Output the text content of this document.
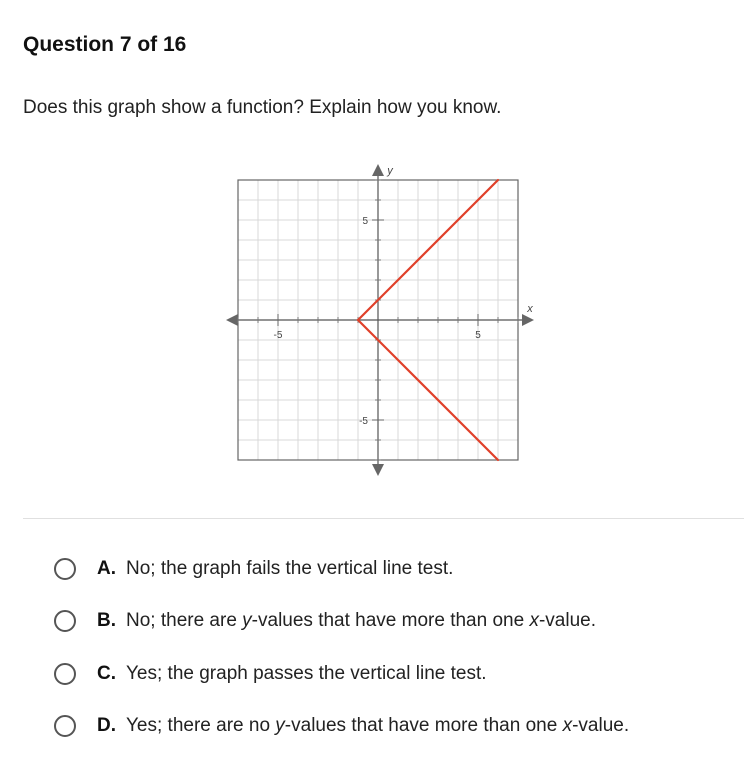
Question 7 of 16
Does this graph show a function? Explain how you know.
-5	5
5
-5
x
y
A. No; the graph fails the vertical line test.
B. No; there are y-values that have more than one x-value.
C. Yes; the graph passes the vertical line test.
D. Yes; there are no y-values that have more than one x-value.
